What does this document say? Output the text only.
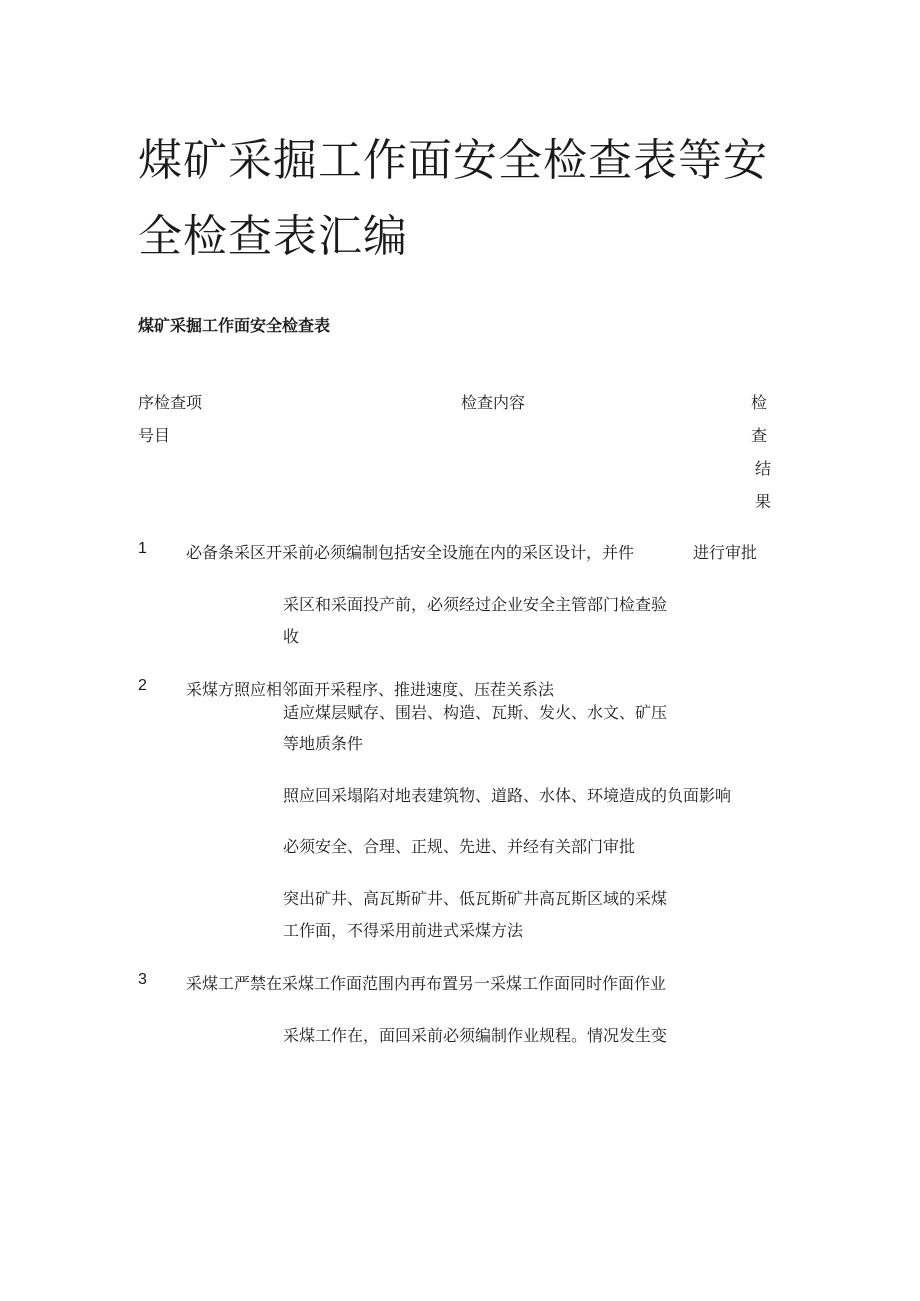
煤矿采掘工作面安全检查表等安
全检查表汇编
煤矿采掘工作面安全检查表
序检查项
号目
检查内容	检
查
结
果
1 必备条采区开采前必须编制包括安全设施在内的采区设计，并件	进行审批
采区和采面投产前，必须经过企业安全主管部门检查验
收
2 采煤方照应相邻面开采程序、推进速度、压茬关系法
适应煤层赋存、围岩、构造、瓦斯、发火、水文、矿压
等地质条件
照应回采塌陷对地表建筑物、道路、水体、环境造成的负面影响
必须安全、合理、正规、先进、并经有关部门审批
突出矿井、高瓦斯矿井、低瓦斯矿井高瓦斯区域的采煤
工作面，不得采用前进式采煤方法
3 采煤工严禁在采煤工作面范围内再布置另一采煤工作面同时作面作业
采煤工作在，面回采前必须编制作业规程。情况发生变
